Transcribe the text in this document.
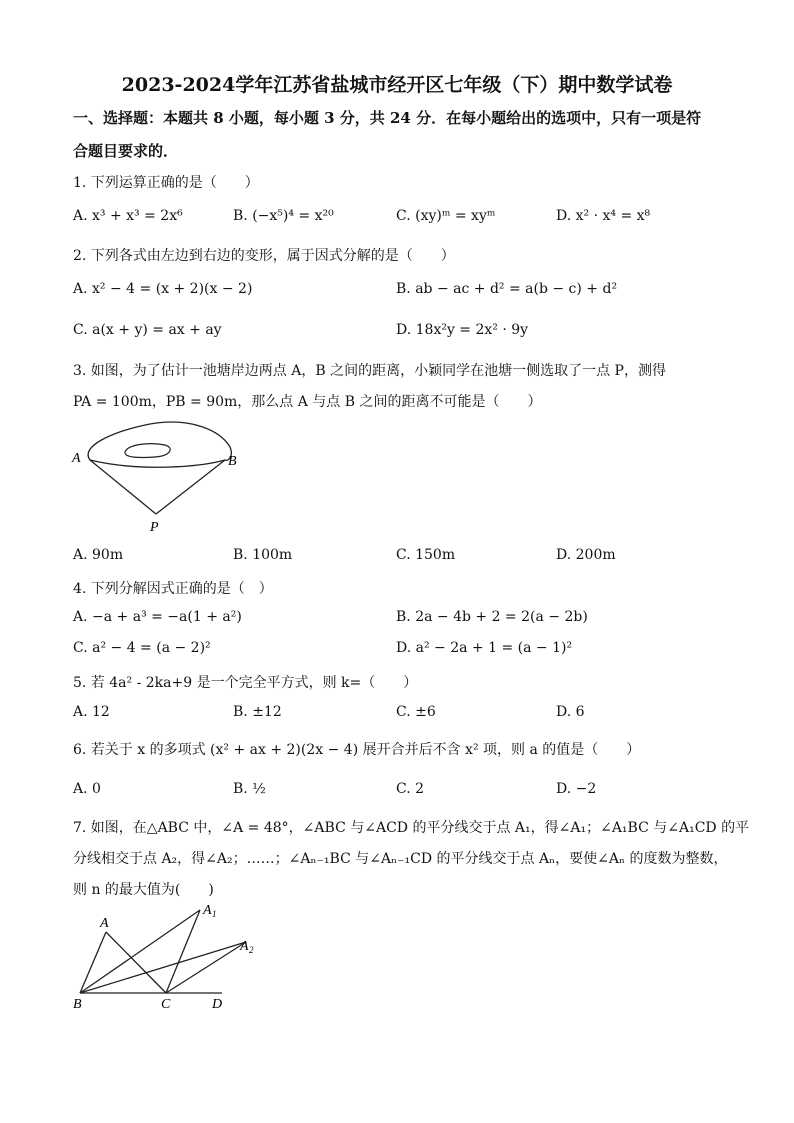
2023-2024学年江苏省盐城市经开区七年级（下）期中数学试卷
一、选择题：本题共 8 小题，每小题 3 分，共 24 分．在每小题给出的选项中，只有一项是符
合题目要求的．
1. 下列运算正确的是（　　）
A. x³ + x³ = 2x⁶	B. (−x⁵)⁴ = x²⁰	C. (xy)ᵐ = xyᵐ	D. x² · x⁴ = x⁸
2. 下列各式由左边到右边的变形，属于因式分解的是（　　）
A. x² − 4 = (x + 2)(x − 2)	B. ab − ac + d² = a(b − c) + d²
C. a(x + y) = ax + ay	D. 18x²y = 2x² · 9y
3. 如图，为了估计一池塘岸边两点 A，B 之间的距离，小颖同学在池塘一侧选取了一点 P，测得
PA = 100m，PB = 90m，那么点 A 与点 B 之间的距离不可能是（　　）
A	B
P
A. 90m	B. 100m	C. 150m	D. 200m
4. 下列分解因式正确的是（　）
A. −a + a³ = −a(1 + a²)	B. 2a − 4b + 2 = 2(a − 2b)
C. a² − 4 = (a − 2)²	D. a² − 2a + 1 = (a − 1)²
5. 若 4a² - 2ka+9 是一个完全平方式，则 k=（　　）
A. 12	B. ±12	C. ±6	D. 6
6. 若关于 x 的多项式 (x² + ax + 2)(2x − 4) 展开合并后不含 x² 项，则 a 的值是（　　）
A. 0	B. ½	C. 2	D. −2
7. 如图，在△ABC 中，∠A = 48°，∠ABC 与∠ACD 的平分线交于点 A₁，得∠A₁；∠A₁BC 与∠A₁CD 的平
分线相交于点 A₂，得∠A₂；……；∠Aₙ₋₁BC 与∠Aₙ₋₁CD 的平分线交于点 Aₙ，要使∠Aₙ 的度数为整数，
则 n 的最大值为(　　)
A
A 1
A 2
B	C	D
